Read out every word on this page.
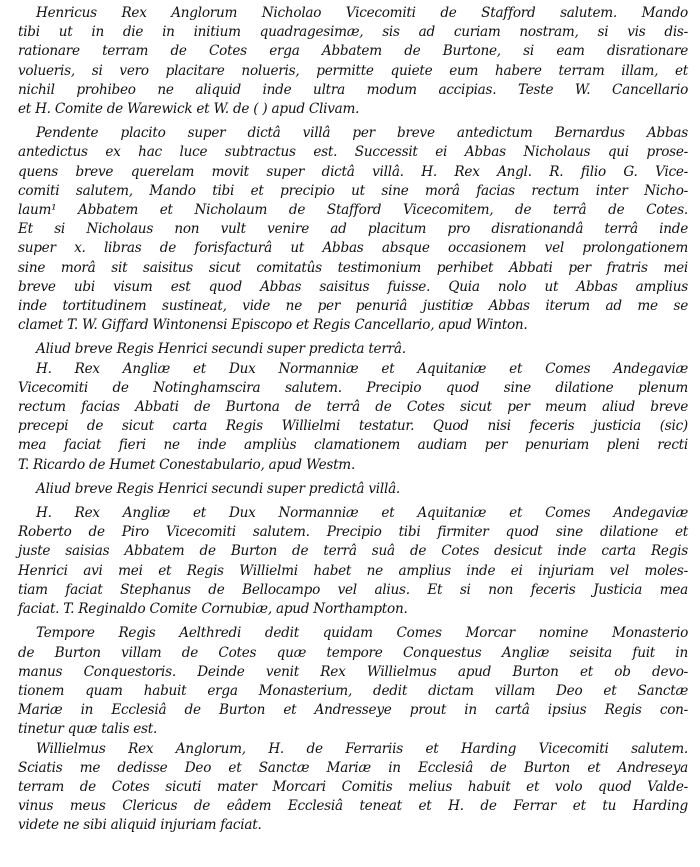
Henricus Rex Anglorum Nicholao Vicecomiti de Stafford salutem. Mando
tibi ut in die in initium quadragesimæ, sis ad curiam nostram, si vis dis-
rationare terram de Cotes erga Abbatem de Burtone, si eam disrationare
volueris, si vero placitare nolueris, permitte quiete eum habere terram illam, et
nichil prohibeo ne aliquid inde ultra modum accipias. Teste W. Cancellario
et H. Comite de Warewick et W. de ( ) apud Clivam.
Pendente placito super dictâ villâ per breve antedictum Bernardus Abbas
antedictus ex hac luce subtractus est. Successit ei Abbas Nicholaus qui prose-
quens breve querelam movit super dictâ villâ. H. Rex Angl. R. filio G. Vice-
comiti salutem, Mando tibi et precipio ut sine morâ facias rectum inter Nicho-
laum¹ Abbatem et Nicholaum de Stafford Vicecomitem, de terrâ de Cotes.
Et si Nicholaus non vult venire ad placitum pro disrationandâ terrâ inde
super x. libras de forisfacturâ ut Abbas absque occasionem vel prolongationem
sine morâ sit saisitus sicut comitatûs testimonium perhibet Abbati per fratris mei
breve ubi visum est quod Abbas saisitus fuisse. Quia nolo ut Abbas amplius
inde tortitudinem sustineat, vide ne per penuriâ justitiæ Abbas iterum ad me se
clamet T. W. Giffard Wintonensi Episcopo et Regis Cancellario, apud Winton.
Aliud breve Regis Henrici secundi super predicta terrâ.
H. Rex Angliæ et Dux Normanniæ et Aquitaniæ et Comes Andegaviæ
Vicecomiti de Notinghamscira salutem. Precipio quod sine dilatione plenum
rectum facias Abbati de Burtona de terrâ de Cotes sicut per meum aliud breve
precepi de sicut carta Regis Willielmi testatur. Quod nisi feceris justicia (sic)
mea faciat fieri ne inde ampliùs clamationem audiam per penuriam pleni recti
T. Ricardo de Humet Conestabulario, apud Westm.
Aliud breve Regis Henrici secundi super predictâ villâ.
H. Rex Angliæ et Dux Normanniæ et Aquitaniæ et Comes Andegaviæ
Roberto de Piro Vicecomiti salutem. Precipio tibi firmiter quod sine dilatione et
juste saisias Abbatem de Burton de terrâ suâ de Cotes desicut inde carta Regis
Henrici avi mei et Regis Willielmi habet ne amplius inde ei injuriam vel moles-
tiam faciat Stephanus de Bellocampo vel alius. Et si non feceris Justicia mea
faciat. T. Reginaldo Comite Cornubiæ, apud Northampton.
Tempore Regis Aelthredi dedit quidam Comes Morcar nomine Monasterio
de Burton villam de Cotes quæ tempore Conquestus Angliæ seisita fuit in
manus Conquestoris. Deinde venit Rex Willielmus apud Burton et ob devo-
tionem quam habuit erga Monasterium, dedit dictam villam Deo et Sanctæ
Mariæ in Ecclesiâ de Burton et Andresseye prout in cartâ ipsius Regis con-
tinetur quæ talis est.
Willielmus Rex Anglorum, H. de Ferrariis et Harding Vicecomiti salutem.
Sciatis me dedisse Deo et Sanctæ Mariæ in Ecclesiâ de Burton et Andreseya
terram de Cotes sicuti mater Morcari Comitis melius habuit et volo quod Valde-
vinus meus Clericus de eâdem Ecclesiâ teneat et H. de Ferrar et tu Harding
videte ne sibi aliquid injuriam faciat.
